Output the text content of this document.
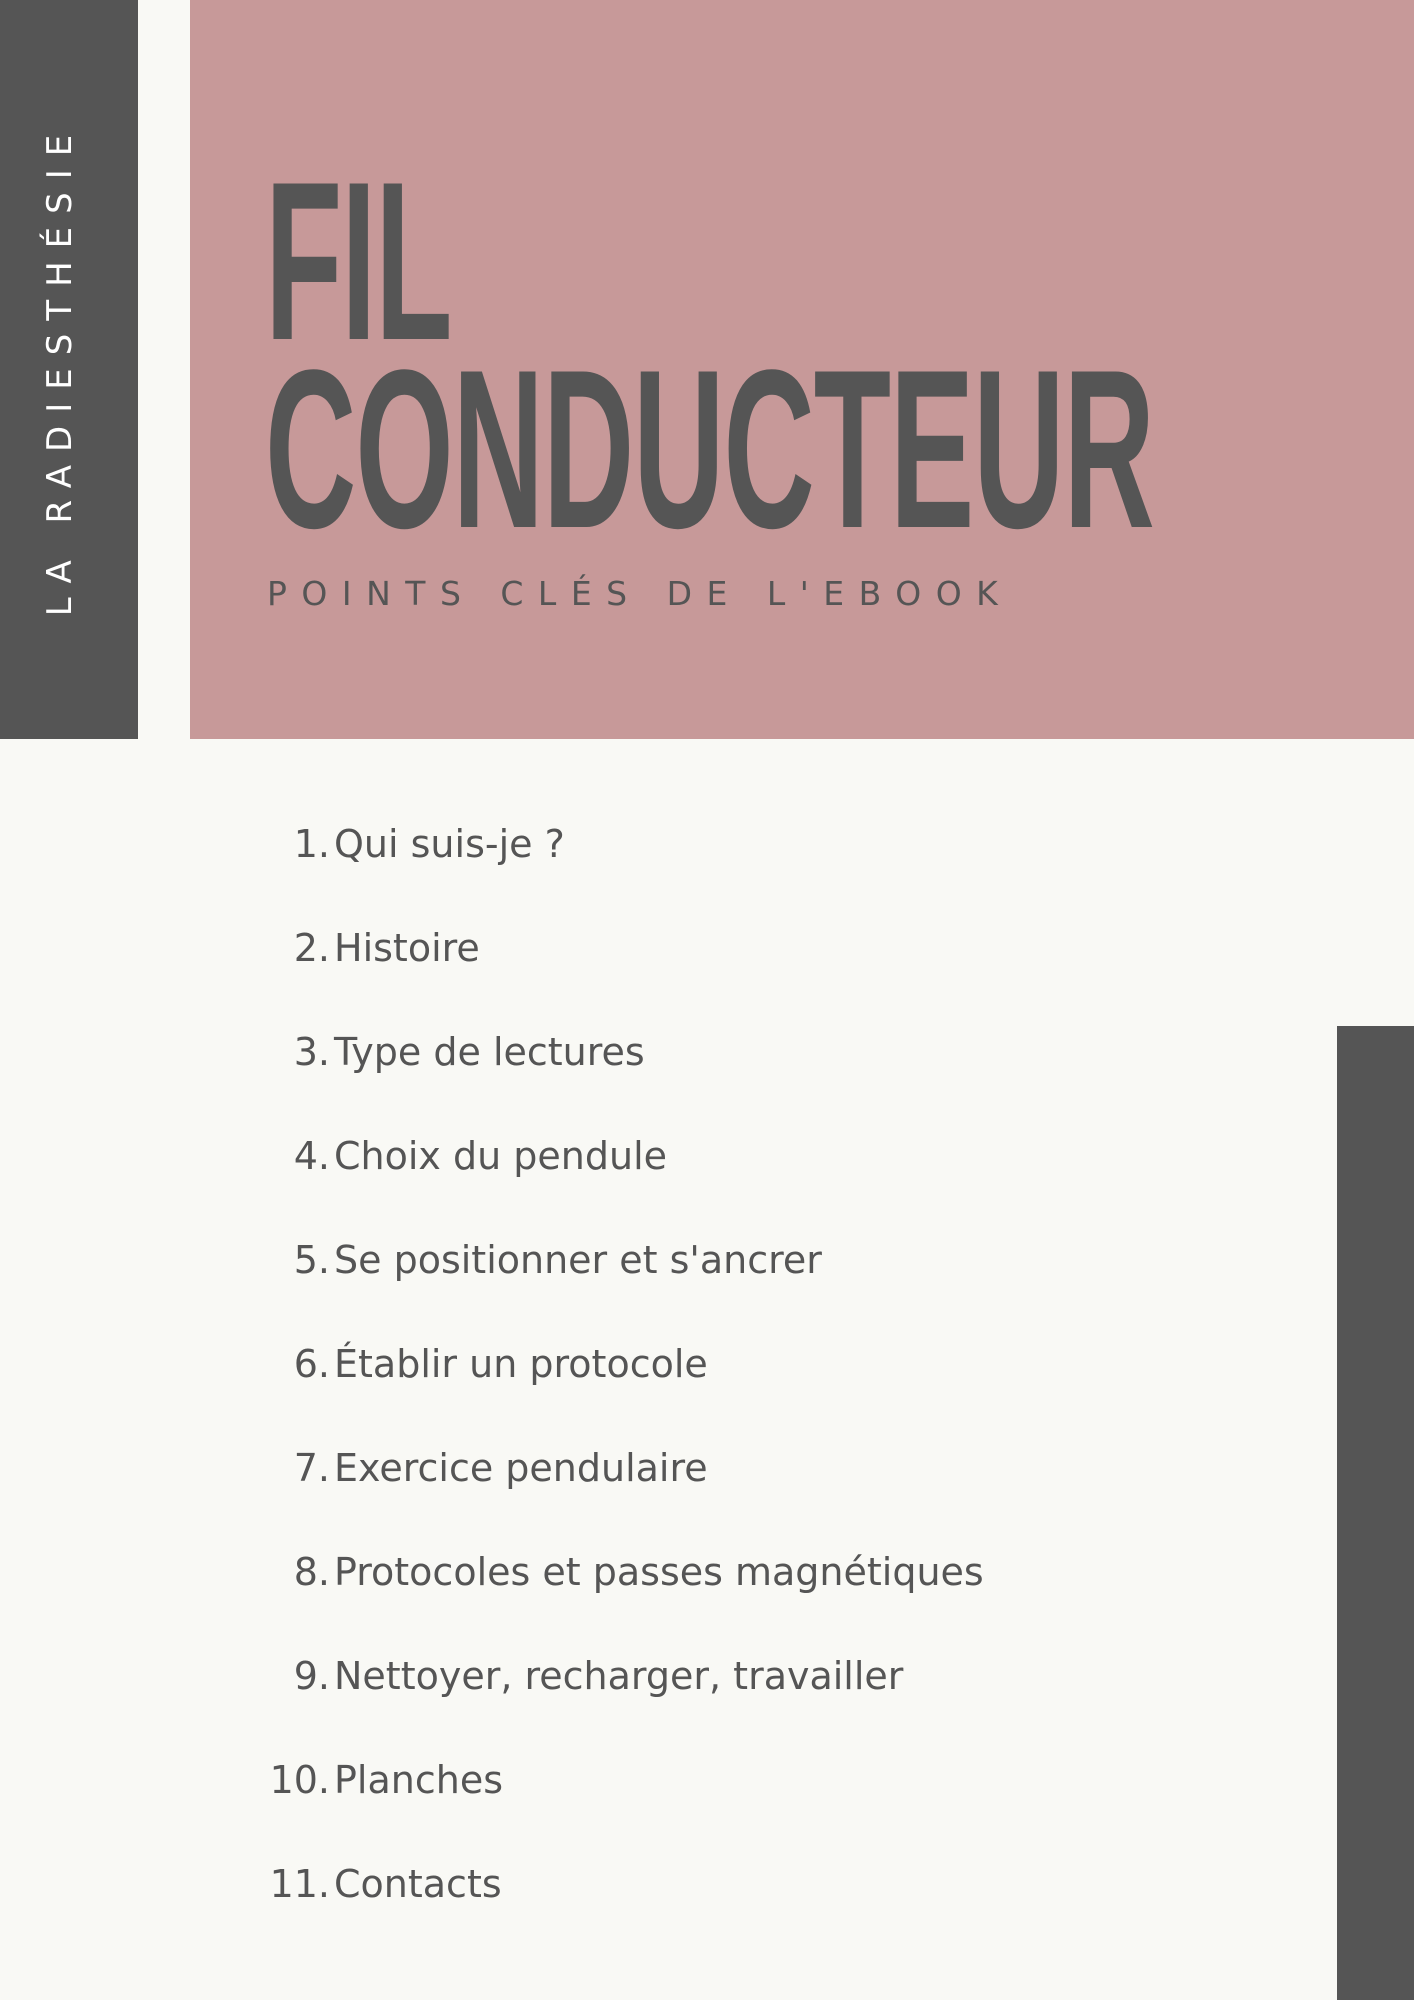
LA RADIESTHÉSIE FIL
CONDUCTEUR
POINTS CLÉS DE L'EBOOK
1. Qui suis-je ?
2. Histoire
3. Type de lectures
4. Choix du pendule
5. Se positionner et s'ancrer
6. Établir un protocole
7. Exercice pendulaire
8. Protocoles et passes magnétiques
9. Nettoyer, recharger, travailler
10. Planches
11. Contacts
